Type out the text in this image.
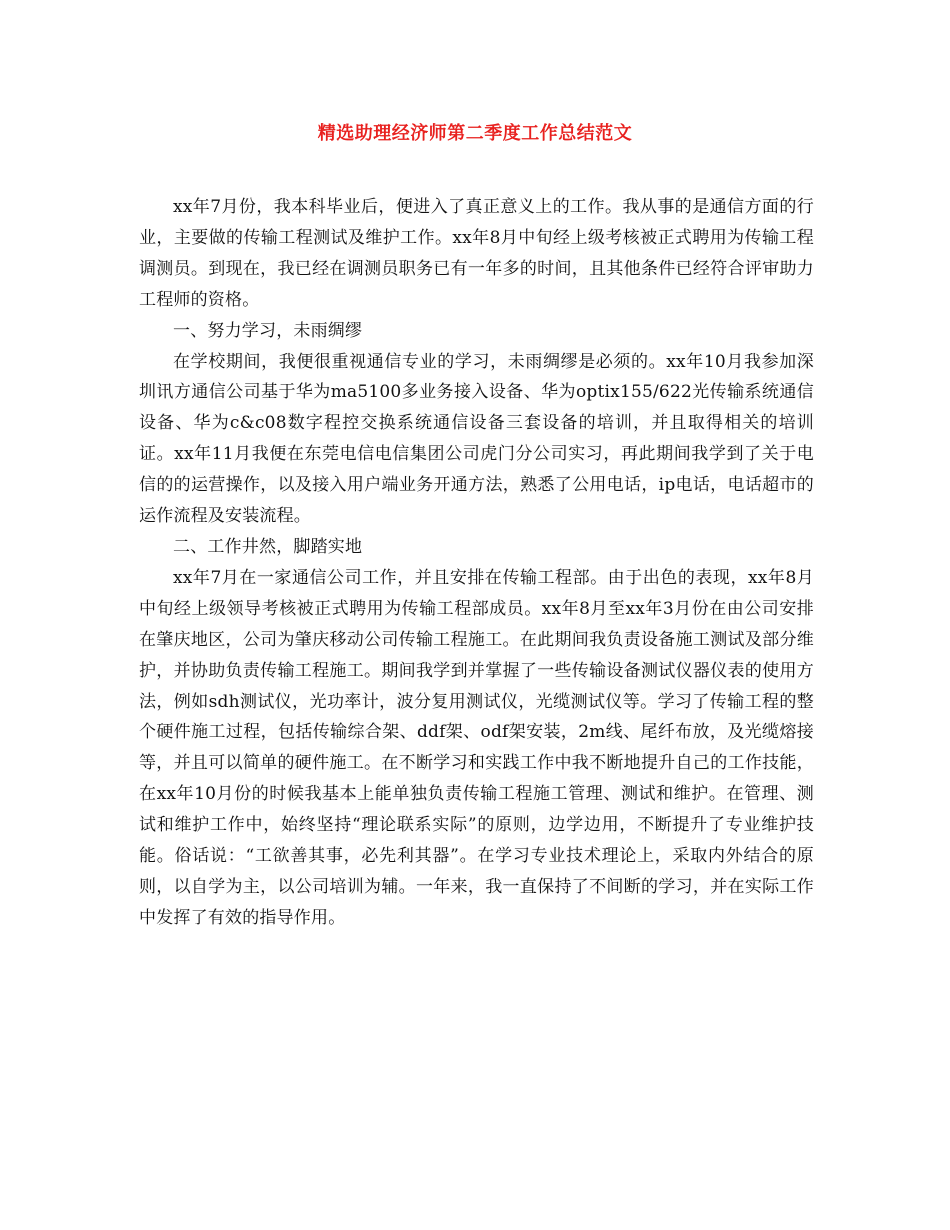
精选助理经济师第二季度工作总结范文

xx年7月份，我本科毕业后，便进入了真正意义上的工作。我从事的是通信方面的行业，主要做的传输工程测试及维护工作。xx年8月中旬经上级考核被正式聘用为传输工程调测员。到现在，我已经在调测员职务已有一年多的时间，且其他条件已经符合评审助力工程师的资格。

一、努力学习，未雨绸缪

在学校期间，我便很重视通信专业的学习，未雨绸缪是必须的。xx年10月我参加深圳讯方通信公司基于华为ma5100多业务接入设备、华为optix155/622光传输系统通信设备、华为c&c08数字程控交换系统通信设备三套设备的培训，并且取得相关的培训证。xx年11月我便在东莞电信电信集团公司虎门分公司实习，再此期间我学到了关于电信的的运营操作，以及接入用户端业务开通方法，熟悉了公用电话，ip电话，电话超市的运作流程及安装流程。

二、工作井然，脚踏实地

xx年7月在一家通信公司工作，并且安排在传输工程部。由于出色的表现，xx年8月中旬经上级领导考核被正式聘用为传输工程部成员。xx年8月至xx年3月份在由公司安排在肇庆地区，公司为肇庆移动公司传输工程施工。在此期间我负责设备施工测试及部分维护，并协助负责传输工程施工。期间我学到并掌握了一些传输设备测试仪器仪表的使用方法，例如sdh测试仪，光功率计，波分复用测试仪，光缆测试仪等。学习了传输工程的整个硬件施工过程，包括传输综合架、ddf架、odf架安装，2m线、尾纤布放，及光缆熔接等，并且可以简单的硬件施工。在不断学习和实践工作中我不断地提升自己的工作技能，在xx年10月份的时候我基本上能单独负责传输工程施工管理、测试和维护。在管理、测试和维护工作中，始终坚持“理论联系实际”的原则，边学边用，不断提升了专业维护技能。俗话说：“工欲善其事，必先利其器”。在学习专业技术理论上，采取内外结合的原则，以自学为主，以公司培训为辅。一年来，我一直保持了不间断的学习，并在实际工作中发挥了有效的指导作用。
